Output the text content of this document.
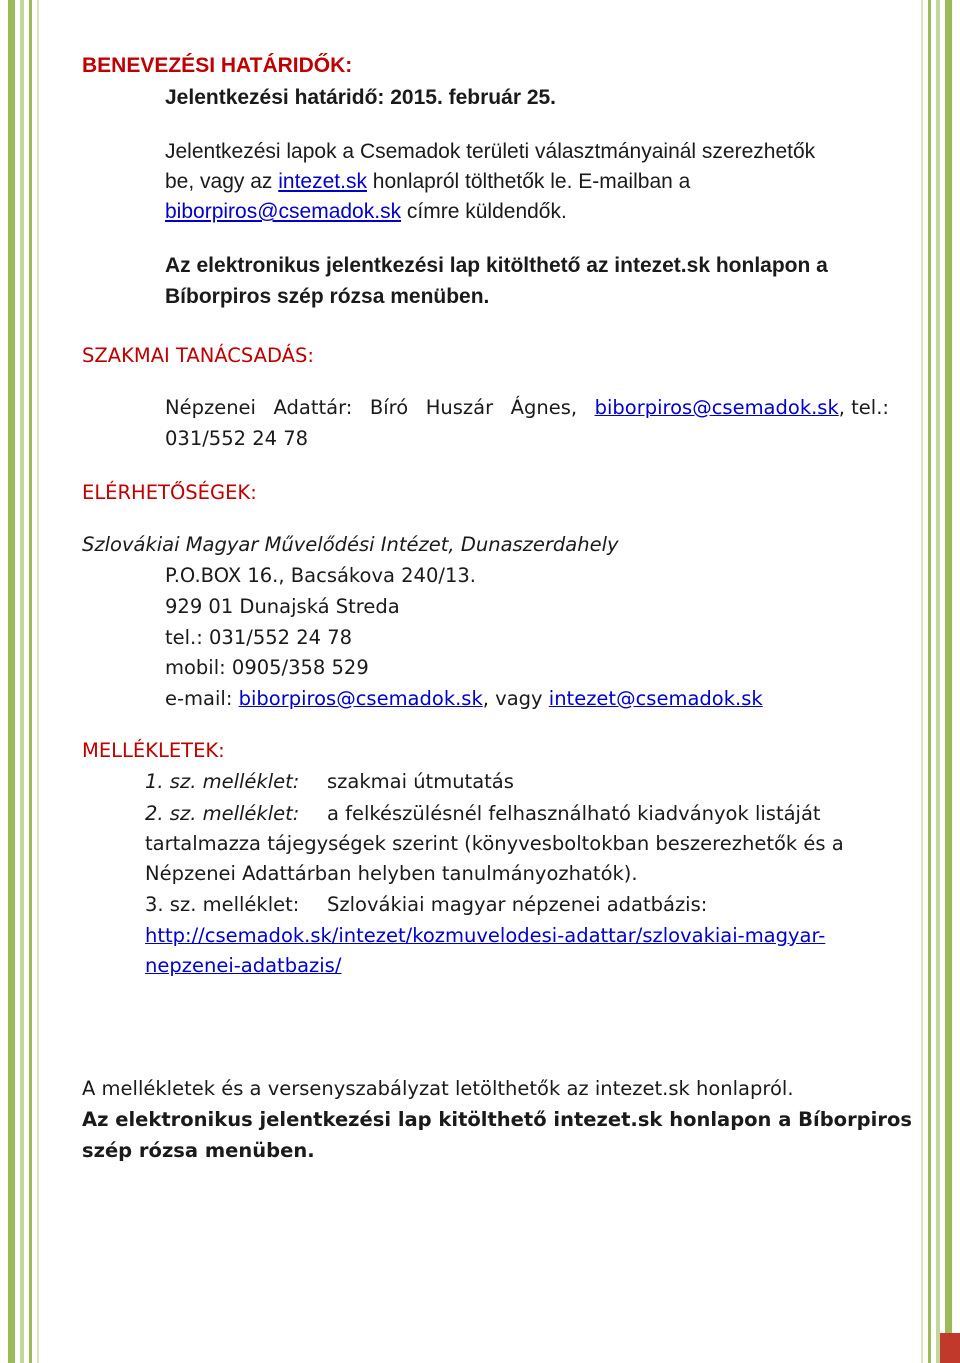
BENEVEZÉSI HATÁRIDŐK:
Jelentkezési határidő: 2015. február 25.
Jelentkezési lapok a Csemadok területi választmányainál szerezhetők
be, vagy az intezet.sk honlapról tölthetők le. E-mailban a
biborpiros@csemadok.sk címre küldendők.
Az elektronikus jelentkezési lap kitölthető az intezet.sk honlapon a
Bíborpiros szép rózsa menüben.
SZAKMAI TANÁCSADÁS:
Népzenei Adattár: Bíró Huszár Ágnes, biborpiros@csemadok.sk, tel.:
031/552 24 78
ELÉRHETŐSÉGEK:
Szlovákiai Magyar Művelődési Intézet, Dunaszerdahely
P.O.BOX 16., Bacsákova 240/13.
929 01 Dunajská Streda
tel.: 031/552 24 78
mobil: 0905/358 529
e-mail: biborpiros@csemadok.sk, vagy intezet@csemadok.sk
MELLÉKLETEK:
1. sz. melléklet: szakmai útmutatás
2. sz. melléklet: a felkészülésnél felhasználható kiadványok listáját
tartalmazza tájegységek szerint (könyvesboltokban beszerezhetők és a
Népzenei Adattárban helyben tanulmányozhatók).
3. sz. melléklet: Szlovákiai magyar népzenei adatbázis:
http://csemadok.sk/intezet/kozmuvelodesi-adattar/szlovakiai-magyar-
nepzenei-adatbazis/
A mellékletek és a versenyszabályzat letölthetők az intezet.sk honlapról.
Az elektronikus jelentkezési lap kitölthető intezet.sk honlapon a Bíborpiros
szép rózsa menüben.
